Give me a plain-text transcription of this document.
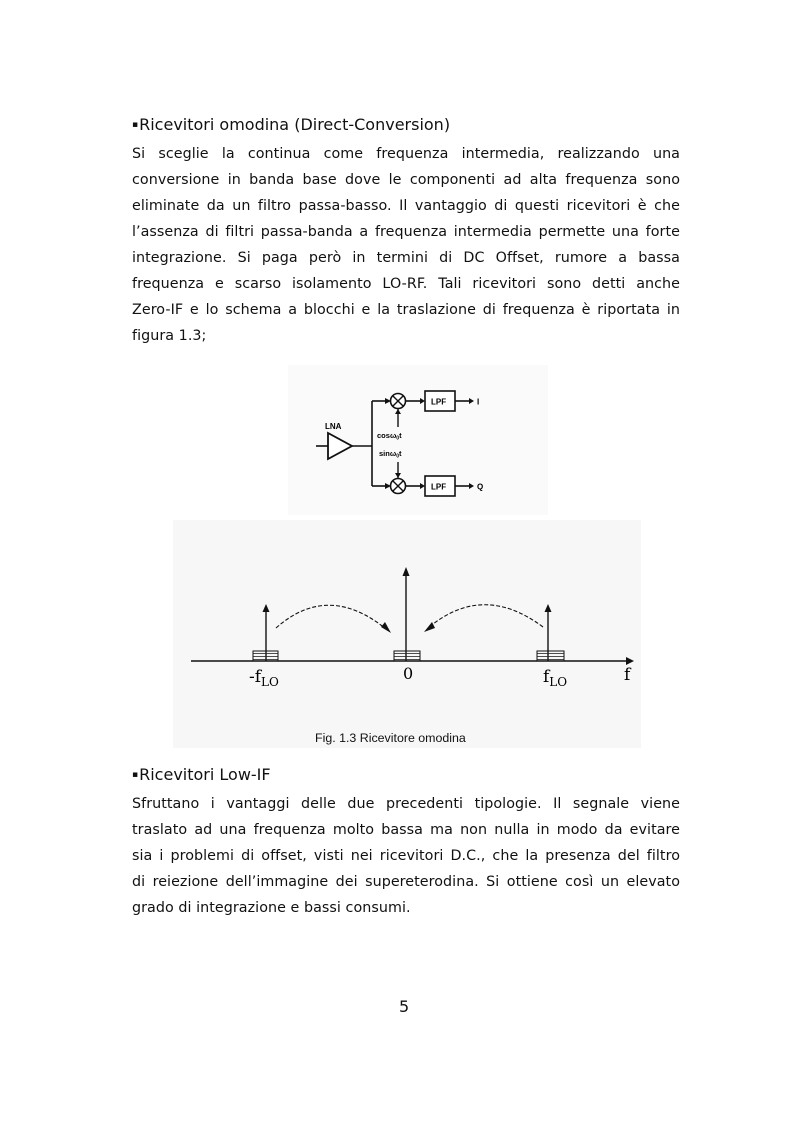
▪Ricevitori omodina (Direct-Conversion)

Si sceglie la continua come frequenza intermedia, realizzando una

conversione in banda base dove le componenti ad alta frequenza sono

eliminate da un filtro passa-basso. Il vantaggio di questi ricevitori è che

l’assenza di filtri passa-banda a frequenza intermedia permette una forte

integrazione. Si paga però in termini di DC Offset, rumore a bassa

frequenza e scarso isolamento LO-RF. Tali ricevitori sono detti anche

Zero-IF e lo schema a blocchi e la traslazione di frequenza è riportata in

figura 1.3;

LNA
cosω$_0$t
sinω$_0$t
LPF	I
LPF	Q
$-f_{LO}$	0	$f_{LO}$	f

Fig. 1.3 Ricevitore omodina

▪Ricevitori Low-IF

Sfruttano i vantaggi delle due precedenti tipologie. Il segnale viene

traslato ad una frequenza molto bassa ma non nulla in modo da evitare

sia i problemi di offset, visti nei ricevitori D.C., che la presenza del filtro

di reiezione dell’immagine dei supereterodina. Si ottiene così un elevato

grado di integrazione e bassi consumi.

5
